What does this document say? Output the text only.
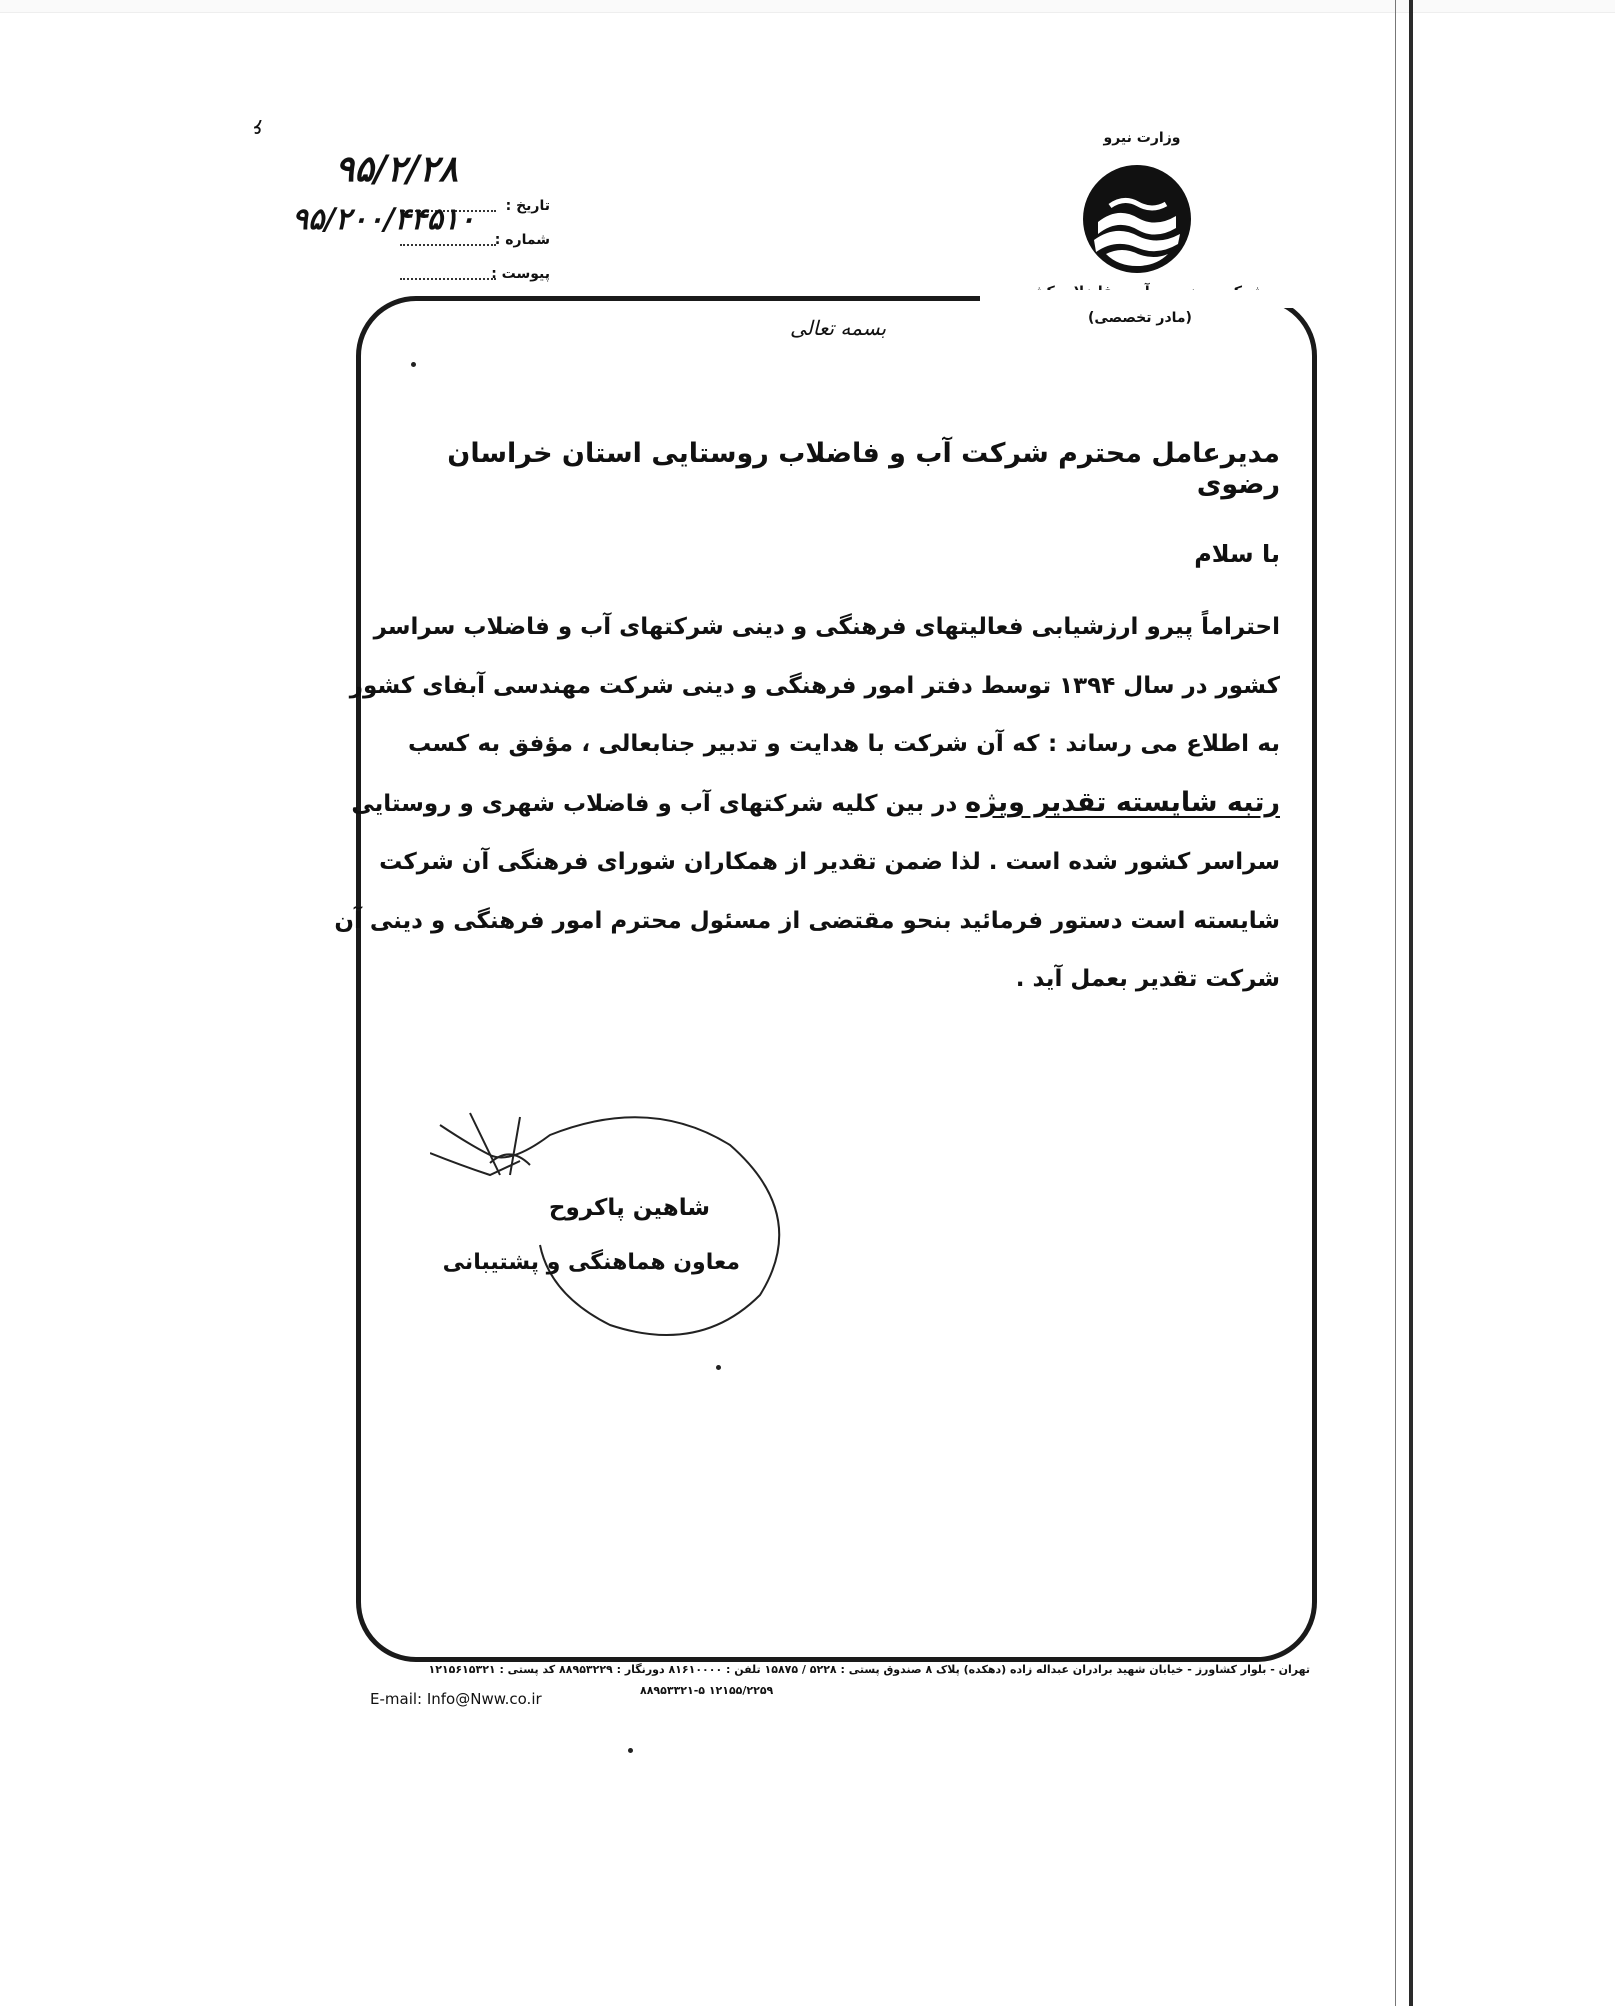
۶	وزارت نیرو
(مادر تخصصی)
تاریخ :
۹۵/۲/۲۸
شماره :
۹۵/۲۰۰/۴۴۵۱۰
پیوست :
بسمه تعالی
مدیرعامل محترم شرکت آب و فاضلاب روستایی استان خراسان رضوی
با سلام
احتراماً پیرو ارزشیابی فعالیتهای فرهنگی و دینی شرکتهای آب و فاضلاب سراسر
کشور در سال ۱۳۹۴ توسط دفتر امور فرهنگی و دینی شرکت مهندسی آبفای کشور
به اطلاع می رساند : که آن شرکت با هدایت و تدبیر جنابعالی ، مؤفق به کسب
رتبه شایسته تقدیر ویژه در بین کلیه شرکتهای آب و فاضلاب شهری و روستایی
سراسر کشور شده است . لذا ضمن تقدیر از همکاران شورای فرهنگی آن شرکت
شایسته است دستور فرمائید بنحو مقتضی از مسئول محترم امور فرهنگی و دینی آن
شرکت تقدیر بعمل آید .
شاهین پاکروح
معاون هماهنگی و پشتیبانی
تهران - بلوار کشاورز - خیابان شهید برادران عبداله زاده (دهکده) پلاک ۸ صندوق پستی : ۵۲۲۸ / ۱۵۸۷۵ تلفن : ۸۱۶۱۰۰۰۰ دورنگار : ۸۸۹۵۳۲۲۹ کد پستی : ۱۲۱۵۶۱۵۳۲۱
۸۸۹۵۳۳۲۱-۵ ۱۲۱۵۵/۲۲۵۹
E-mail: Info@Nww.co.ir
